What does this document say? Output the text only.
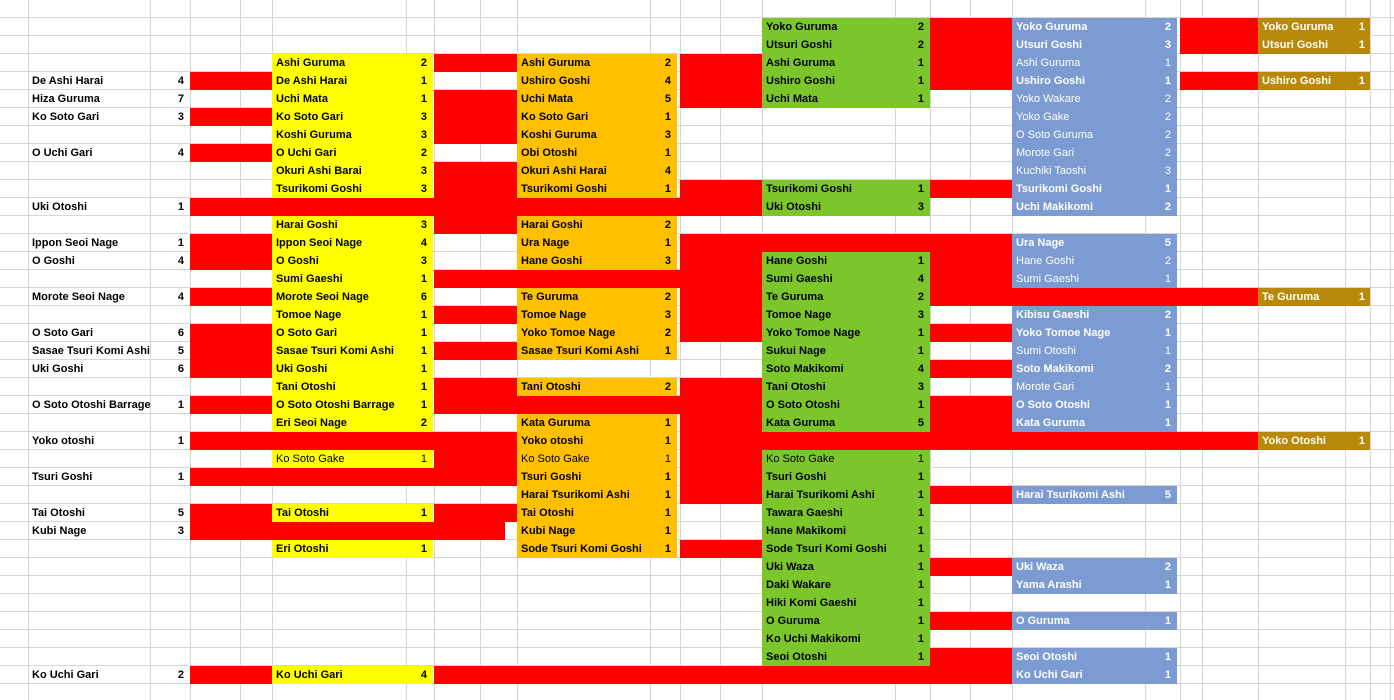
De Ashi Harai	4
Hiza Guruma	7
Ko Soto Gari	3
O Uchi Gari	4
Uki Otoshi	1
Ippon Seoi Nage	1
O Goshi	4
Morote Seoi Nage	4
O Soto Gari	6
Sasae Tsuri Komi Ashi	5
Uki Goshi	6
O Soto Otoshi Barrage 1
Yoko otoshi	1
Tsuri Goshi	1
Tai Otoshi	5
Kubi Nage	3
Ko Uchi Gari	2
Ashi Guruma	2
De Ashi Harai	1
Uchi Mata	1
Ko Soto Gari	3
Koshi Guruma	3
O Uchi Gari	2
Okuri Ashi Barai	3
Tsurikomi Goshi	3
Harai Goshi	3
Ippon Seoi Nage	4
O Goshi	3
Sumi Gaeshi	1
Morote Seoi Nage	6
Tomoe Nage	1
O Soto Gari	1
Sasae Tsuri Komi Ashi 1
Uki Goshi	1
Tani Otoshi	1
O Soto Otoshi Barrage 1
Eri Seoi Nage	2
Ko Soto Gake	1
Tai Otoshi	1
Eri Otoshi	1
Ko Uchi Gari	4
Ashi Guruma	2
Ushiro Goshi	4
Uchi Mata	5
Ko Soto Gari	1
Koshi Guruma	3
Obi Otoshi	1
Okuri Ashi Harai	4
Tsurikomi Goshi	1
Harai Goshi	2
Ura Nage	1
Hane Goshi	3
Te Guruma	2
Tomoe Nage	3
Yoko Tomoe Nage	2
Sasae Tsuri Komi Ashi 1
Tani Otoshi	2
Kata Guruma	1
Yoko otoshi	1
Ko Soto Gake	1
Tsuri Goshi	1
Harai Tsurikomi Ashi	1
Tai Otoshi	1
Kubi Nage	1
Sode Tsuri Komi Goshi 1
Yoko Guruma	2
Utsuri Goshi	2
Ashi Guruma	1
Ushiro Goshi	1
Uchi Mata	1
Tsurikomi Goshi	1
Uki Otoshi	3
Hane Goshi	1
Sumi Gaeshi	4
Te Guruma	2
Tomoe Nage	3
Yoko Tomoe Nage	1
Sukui Nage	1
Soto Makikomi	4
Tani Otoshi	3
O Soto Otoshi	1
Kata Guruma	5
Ko Soto Gake	1
Tsuri Goshi	1
Harai Tsurikomi Ashi	1
Tawara Gaeshi	1
Hane Makikomi	1
Sode Tsuri Komi Goshi	1
Uki Waza	1
Daki Wakare	1
Hiki Komi Gaeshi	1
O Guruma	1
Ko Uchi Makikomi	1
Seoi Otoshi	1
Yoko Guruma	2
Utsuri Goshi	3
Ashi Guruma	1
Ushiro Goshi	1
Yoko Wakare	2
Yoko Gake	2
O Soto Guruma	2
Morote Gari	2
Kuchiki Taoshi	3
Tsurikomi Goshi	1
Uchi Makikomi	2
Ura Nage	5
Hane Goshi	2
Sumi Gaeshi	1
Kibisu Gaeshi	2
Yoko Tomoe Nage	1
Sumi Otoshi	1
Soto Makikomi	2
Morote Gari	1
O Soto Otoshi	1
Kata Guruma	1
Harai Tsurikomi Ashi	5
Uki Waza	2
Yama Arashi	1
O Guruma	1
Seoi Otoshi	1
Ko Uchi Gari	1
Yoko Guruma 1
Utsuri Goshi	1
Ushiro Goshi	1
Te Guruma	1
Yoko Otoshi	1
